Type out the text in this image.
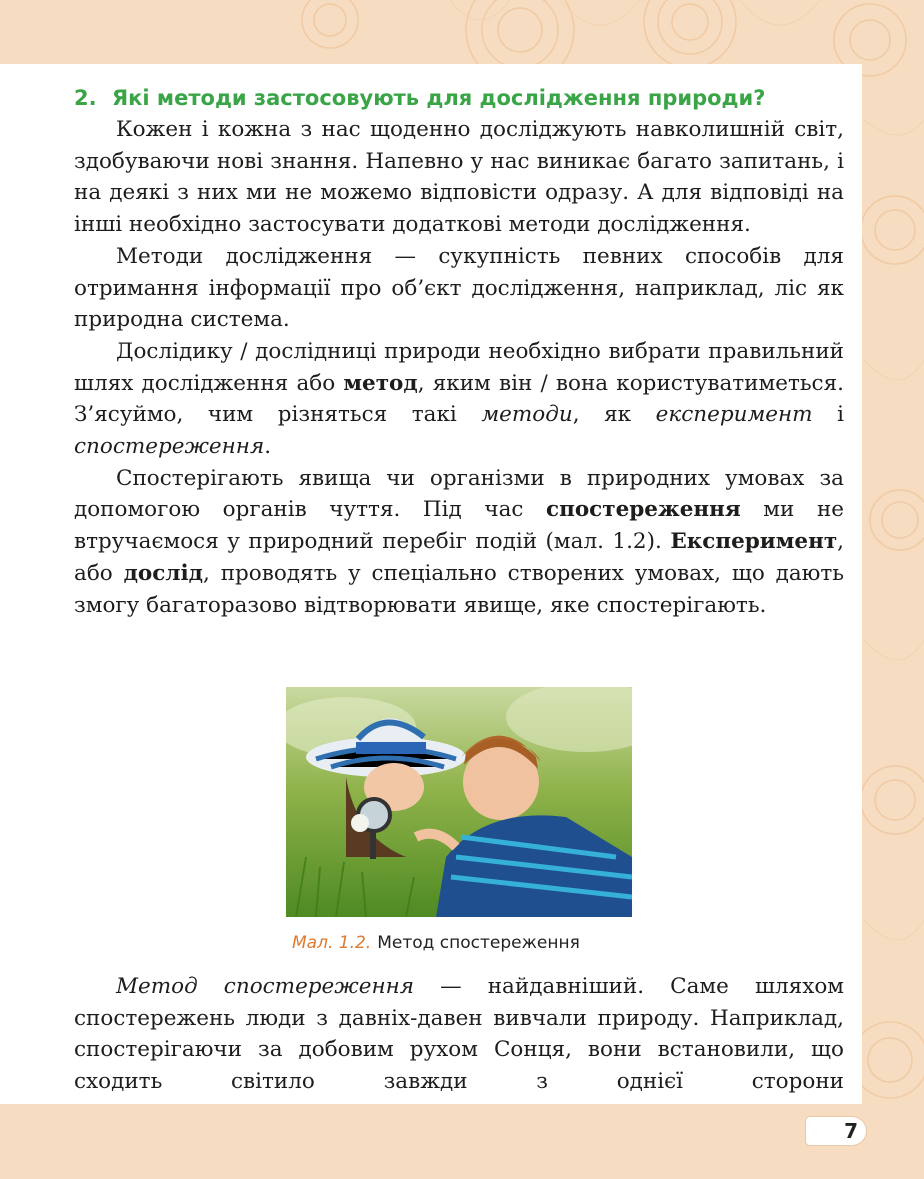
2. Які методи застосовують для дослідження природи?

Кожен і кожна з нас щоденно досліджують навколишній світ, здобуваючи нові знання. Напевно у нас виникає багато запитань, і на деякі з них ми не можемо відповісти одразу. А для відповіді на інші необхідно застосувати додаткові методи дослідження.

Методи дослідження — сукупність певних способів для отримання інформації про об’єкт дослідження, наприклад, ліс як природна система.

Дослідику / дослідниці природи необхідно вибрати правильний шлях дослідження або метод, яким він / вона користуватиметься. З’ясуймо, чим різняться такі методи, як експеримент і спостереження.

Спостерігають явища чи організми в природних умовах за допомогою органів чуття. Під час спостереження ми не втручаємося у природний перебіг подій (мал. 1.2). Експеримент, або дослід, проводять у спеціально створених умовах, що дають змогу багаторазово відтворювати явище, яке спостерігають.

Мал. 1.2. Метод спостереження

Метод спостереження — найдавніший. Саме шляхом спостережень люди з давніх-давен вивчали природу. Наприклад, спостерігаючи за добовим рухом Сонця, вони встановили, що сходить світило завжди з однієї сторони

7
